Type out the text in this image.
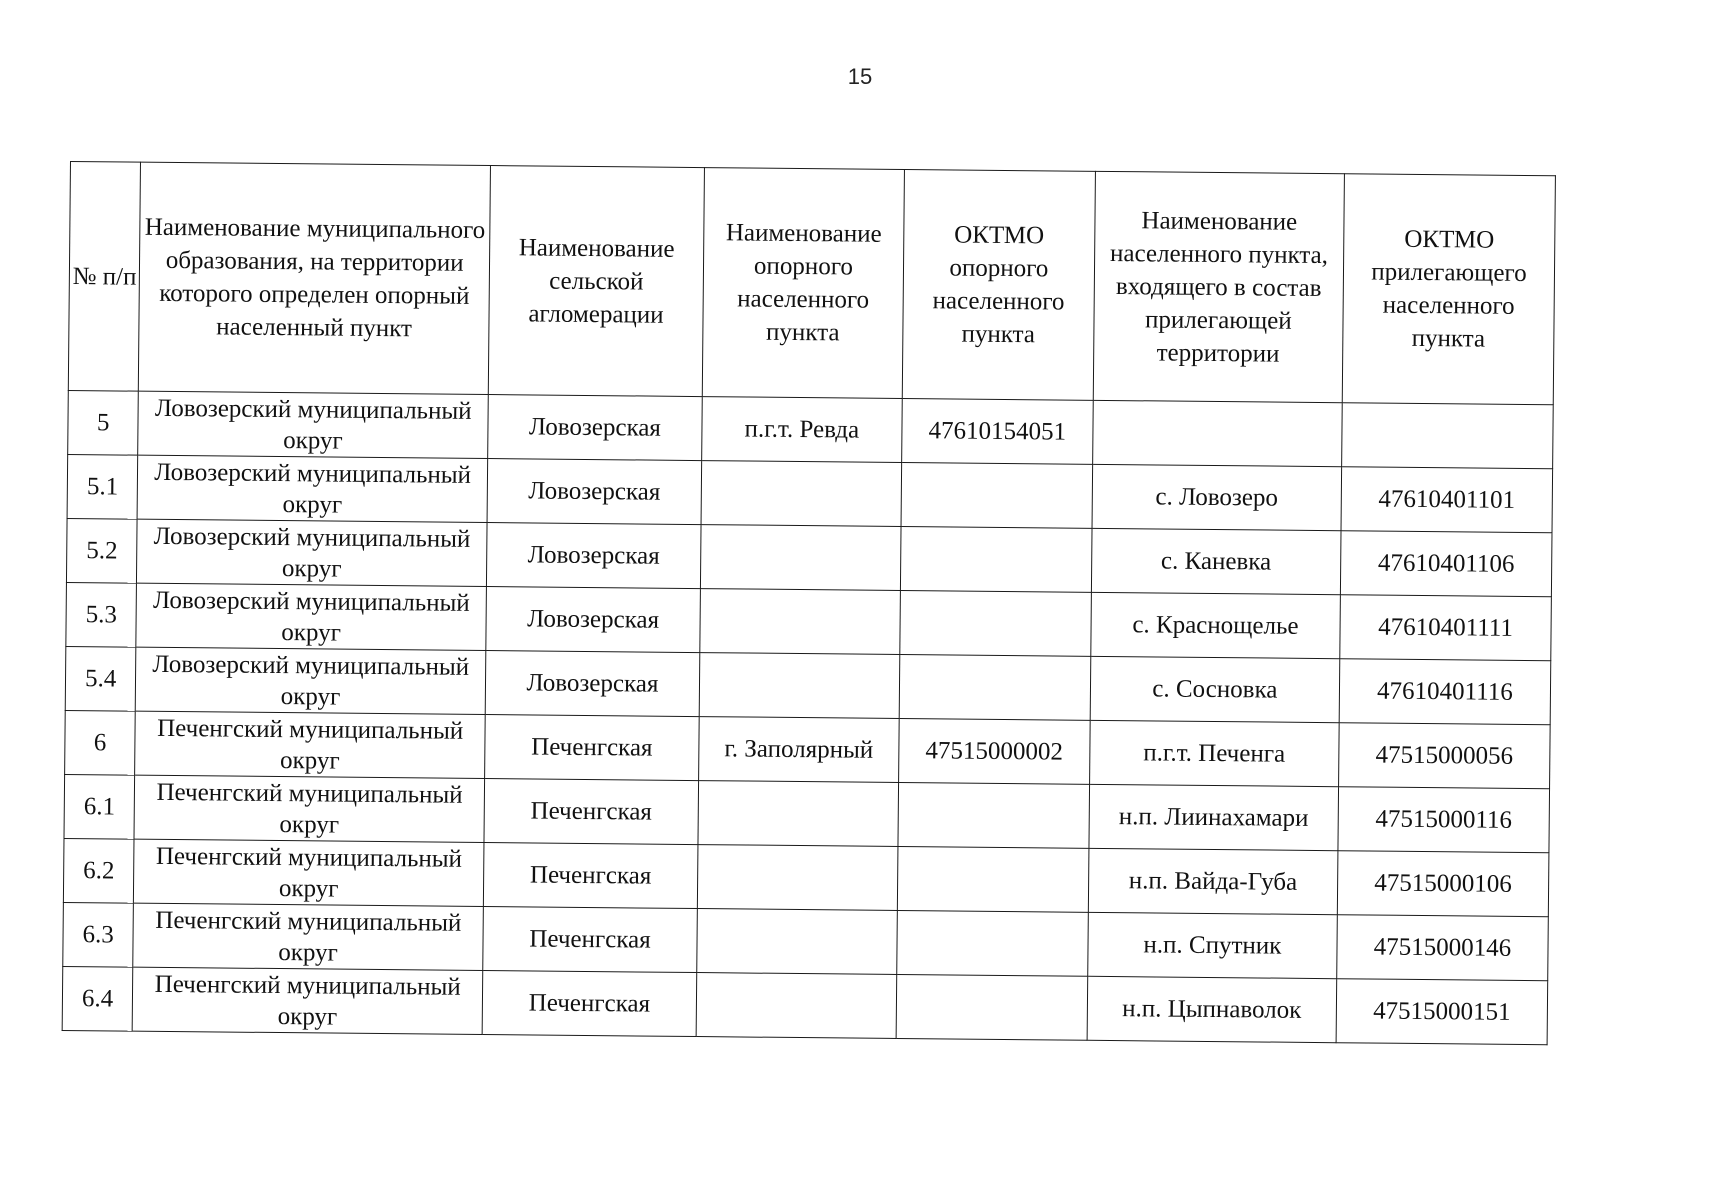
15
№ п/п	Наименование муниципального образования, на территории которого определен опорный населенный пункт	Наименование сельской агломерации	Наименование опорного населенного пункта	ОКТМО опорного населенного пункта	Наименование населенного пункта, входящего в состав прилегающей территории	ОКТМО прилегающего населенного пункта
5	Ловозерский муниципальный округ	Ловозерская	п.г.т. Ревда	47610154051		
5.1	Ловозерский муниципальный округ	Ловозерская			с. Ловозеро	47610401101
5.2	Ловозерский муниципальный округ	Ловозерская			с. Каневка	47610401106
5.3	Ловозерский муниципальный округ	Ловозерская			с. Краснощелье	47610401111
5.4	Ловозерский муниципальный округ	Ловозерская			с. Сосновка	47610401116
6	Печенгский муниципальный округ	Печенгская	г. Заполярный	47515000002	п.г.т. Печенга	47515000056
6.1	Печенгский муниципальный округ	Печенгская			н.п. Лиинахамари	47515000116
6.2	Печенгский муниципальный округ	Печенгская			н.п. Вайда-Губа	47515000106
6.3	Печенгский муниципальный округ	Печенгская			н.п. Спутник	47515000146
6.4	Печенгский муниципальный округ	Печенгская			н.п. Цыпнаволок	47515000151
